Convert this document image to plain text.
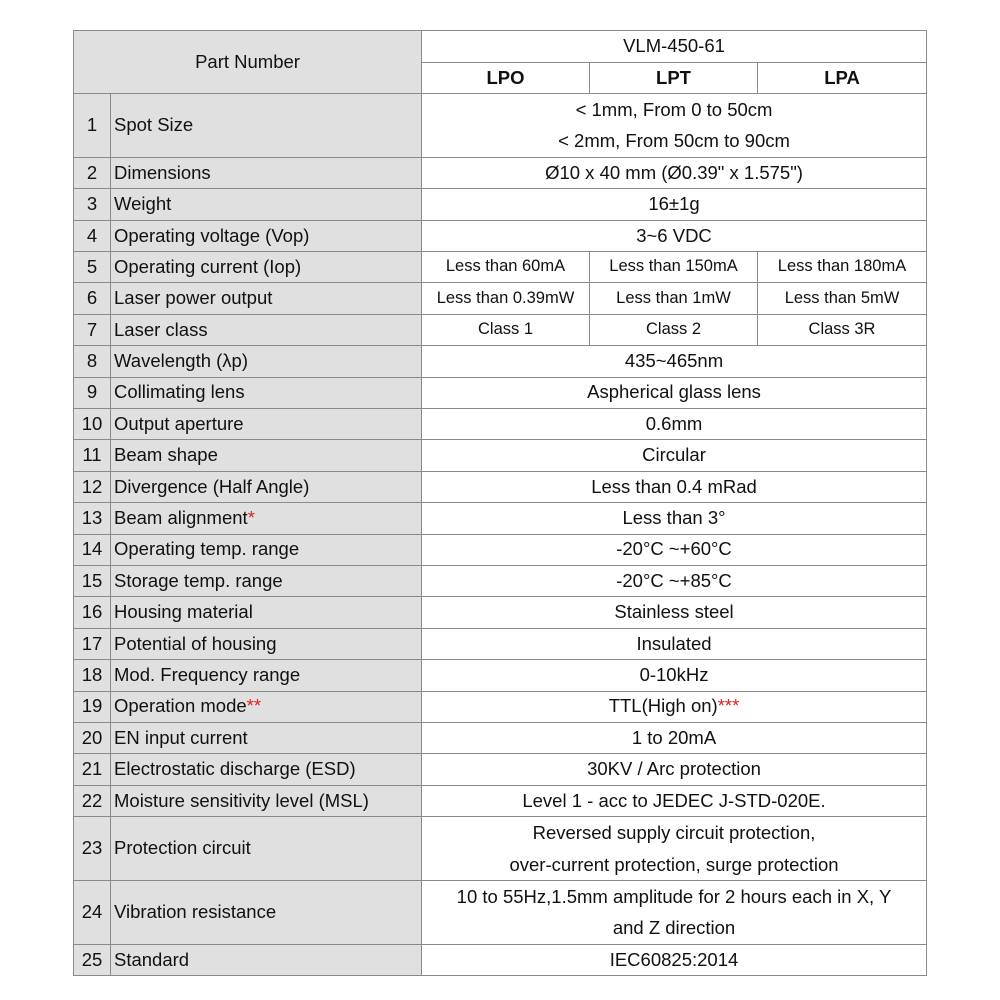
Part Number		VLM-450-61		
		LPO	LPT	LPA
1	Spot Size	< 1mm, From 0 to 50cm
< 2mm, From 50cm to 90cm		

2	Dimensions	Ø10 x 40 mm (Ø0.39" x 1.575")		
3	Weight	16±1g		
4	Operating voltage (Vop)	3~6 VDC		
5	Operating current (Iop)	Less than 60mA	Less than 150mA	Less than 180mA
6	Laser power output	Less than 0.39mW	Less than 1mW	Less than 5mW
7	Laser class	Class 1	Class 2	Class 3R
8	Wavelength (λp)	435~465nm		
9	Collimating lens	Aspherical glass lens		
10	Output aperture	0.6mm		
11	Beam shape	Circular		
12	Divergence (Half Angle)	Less than 0.4 mRad		
13	Beam alignment*	Less than 3°		
14	Operating temp. range	-20°C ~+60°C		
15	Storage temp. range	-20°C ~+85°C		
16	Housing material	Stainless steel		
17	Potential of housing	Insulated		
18	Mod. Frequency range	0-10kHz		
19	Operation mode**	TTL(High on)***		
20	EN input current	1 to 20mA		
21	Electrostatic discharge (ESD)	30KV / Arc protection		
22	Moisture sensitivity level (MSL)	Level 1 - acc to JEDEC J-STD-020E.		
23	Protection circuit	Reversed supply circuit protection,
over-current protection, surge protection		

24	Vibration resistance	10 to 55Hz,1.5mm amplitude for 2 hours each in X, Y
and Z direction		

25	Standard	IEC60825:2014		
